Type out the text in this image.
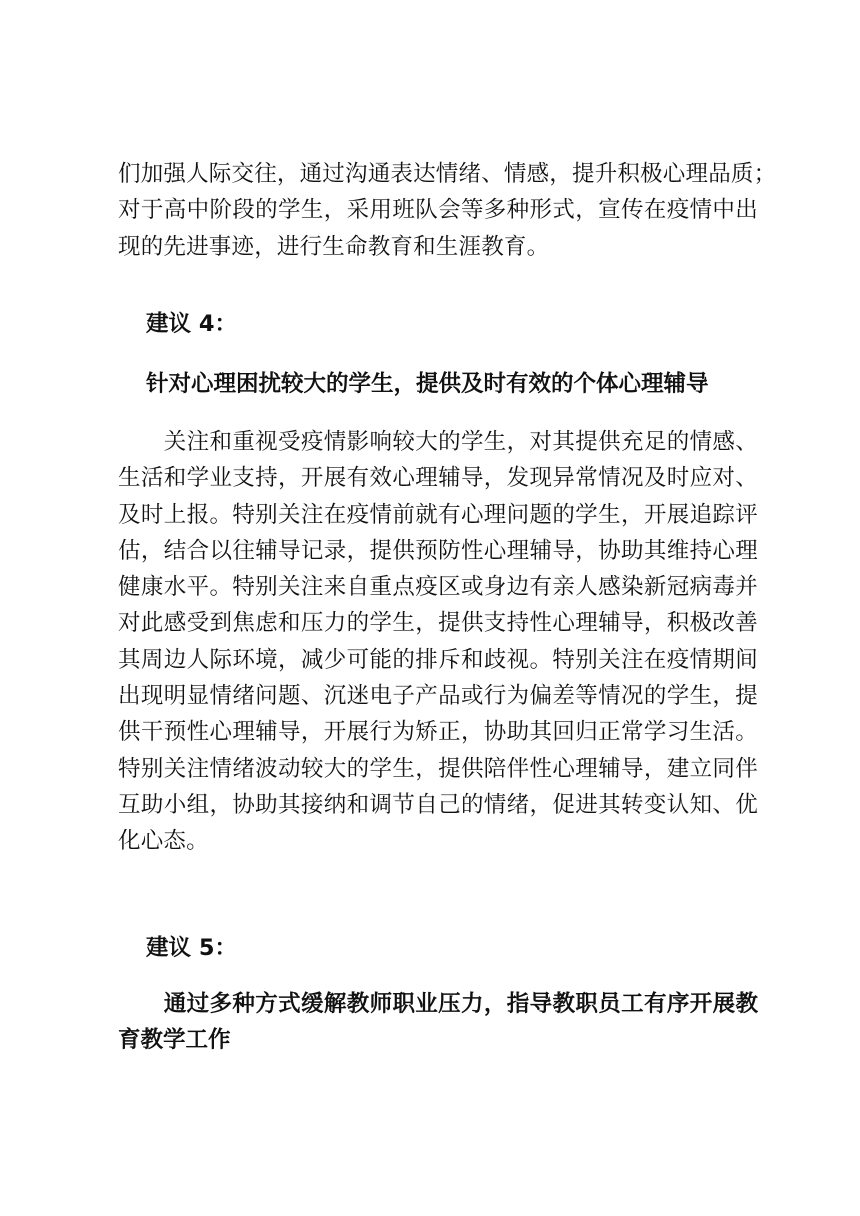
们加强人际交往，通过沟通表达情绪、情感，提升积极心理品质；
对于高中阶段的学生，采用班队会等多种形式，宣传在疫情中出
现的先进事迹，进行生命教育和生涯教育。
建议 4：
针对心理困扰较大的学生，提供及时有效的个体心理辅导
　　关注和重视受疫情影响较大的学生，对其提供充足的情感、
生活和学业支持，开展有效心理辅导，发现异常情况及时应对、
及时上报。特别关注在疫情前就有心理问题的学生，开展追踪评
估，结合以往辅导记录，提供预防性心理辅导，协助其维持心理
健康水平。特别关注来自重点疫区或身边有亲人感染新冠病毒并
对此感受到焦虑和压力的学生，提供支持性心理辅导，积极改善
其周边人际环境，减少可能的排斥和歧视。特别关注在疫情期间
出现明显情绪问题、沉迷电子产品或行为偏差等情况的学生，提
供干预性心理辅导，开展行为矫正，协助其回归正常学习生活。
特别关注情绪波动较大的学生，提供陪伴性心理辅导，建立同伴
互助小组，协助其接纳和调节自己的情绪，促进其转变认知、优
化心态。
建议 5：
　　通过多种方式缓解教师职业压力，指导教职员工有序开展教
育教学工作
